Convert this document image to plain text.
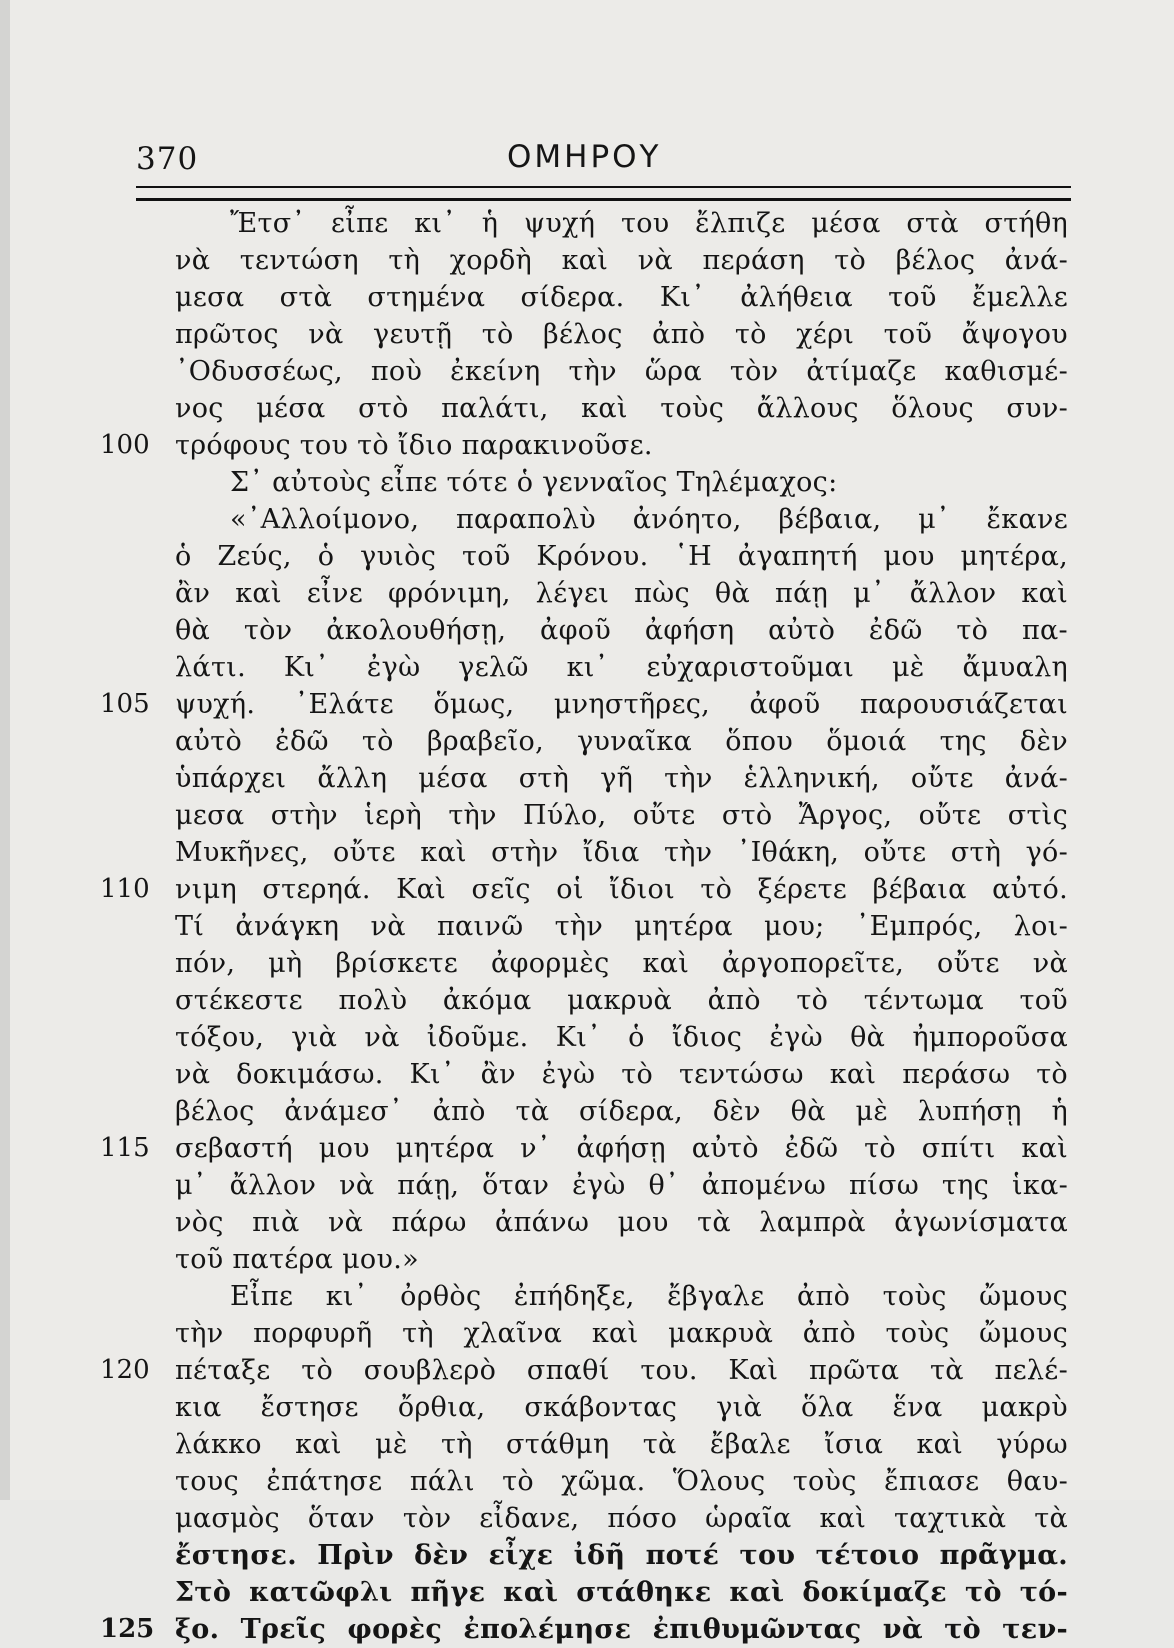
370	ΟΜΗΡΟΥ
Ἔτσ᾽ εἶπε κι᾽ ἡ ψυχή του ἔλπιζε μέσα στὰ στήθη
νὰ τεντώση τὴ χορδὴ καὶ νὰ περάση τὸ βέλος ἀνά-
μεσα στὰ στημένα σίδερα. Κι᾽ ἀλήθεια τοῦ ἔμελλε
πρῶτος νὰ γευτῇ τὸ βέλος ἀπὸ τὸ χέρι τοῦ ἄψογου
᾽Οδυσσέως, ποὺ ἐκείνη τὴν ὥρα τὸν ἀτίμαζε καθισμέ-
νος μέσα στὸ παλάτι, καὶ τοὺς ἄλλους ὅλους συν-
100 τρόφους του τὸ ἴδιο παρακινοῦσε.
Σ᾽ αὐτοὺς εἶπε τότε ὁ γενναῖος Τηλέμαχος:
«᾽Αλλοίμονο, παραπολὺ ἀνόητο, βέβαια, μ᾽ ἔκανε
ὁ Ζεύς, ὁ γυιὸς τοῦ Κρόνου. ῾Η ἀγαπητή μου μητέρα,
ἂν καὶ εἶνε φρόνιμη, λέγει πὼς θὰ πάῃ μ᾽ ἄλλον καὶ
θὰ τὸν ἀκολουθήσῃ, ἀφοῦ ἀφήση αὐτὸ ἐδῶ τὸ πα-
λάτι. Κι᾽ ἐγὼ γελῶ κι᾽ εὐχαριστοῦμαι μὲ ἄμυαλη
105 ψυχή. ᾽Ελάτε ὅμως, μνηστῆρες, ἀφοῦ παρουσιάζεται
αὐτὸ ἐδῶ τὸ βραβεῖο, γυναῖκα ὅπου ὅμοιά της δὲν
ὑπάρχει ἄλλη μέσα στὴ γῆ τὴν ἑλληνική, οὔτε ἀνά-
μεσα στὴν ἱερὴ τὴν Πύλο, οὔτε στὸ Ἄργος, οὔτε στὶς
Μυκῆνες, οὔτε καὶ στὴν ἴδια τὴν ᾽Ιθάκη, οὔτε στὴ γό-
110 νιμη στερηά. Καὶ σεῖς οἱ ἴδιοι τὸ ξέρετε βέβαια αὐτό.
Τί ἀνάγκη νὰ παινῶ τὴν μητέρα μου; ᾽Εμπρός, λοι-
πόν, μὴ βρίσκετε ἀφορμὲς καὶ ἀργοπορεῖτε, οὔτε νὰ
στέκεστε πολὺ ἀκόμα μακρυὰ ἀπὸ τὸ τέντωμα τοῦ
τόξου, γιὰ νὰ ἰδοῦμε. Κι᾽ ὁ ἴδιος ἐγὼ θὰ ἠμποροῦσα
νὰ δοκιμάσω. Κι᾽ ἂν ἐγὼ τὸ τεντώσω καὶ περάσω τὸ
βέλος ἀνάμεσ᾽ ἀπὸ τὰ σίδερα, δὲν θὰ μὲ λυπήσῃ ἡ
115 σεβαστή μου μητέρα ν᾽ ἀφήσῃ αὐτὸ ἐδῶ τὸ σπίτι καὶ
μ᾽ ἄλλον νὰ πάῃ, ὅταν ἐγὼ θ᾽ ἀπομένω πίσω της ἱκα-
νὸς πιὰ νὰ πάρω ἀπάνω μου τὰ λαμπρὰ ἀγωνίσματα
τοῦ πατέρα μου.»
Εἶπε κι᾽ ὀρθὸς ἐπήδηξε, ἔβγαλε ἀπὸ τοὺς ὤμους
τὴν πορφυρῆ τὴ χλαῖνα καὶ μακρυὰ ἀπὸ τοὺς ὤμους
120 πέταξε τὸ σουβλερὸ σπαθί του. Καὶ πρῶτα τὰ πελέ-
κια ἔστησε ὄρθια, σκάβοντας γιὰ ὅλα ἕνα μακρὺ
λάκκο καὶ μὲ τὴ στάθμη τὰ ἔβαλε ἴσια καὶ γύρω
τους ἐπάτησε πάλι τὸ χῶμα. Ὅλους τοὺς ἔπιασε θαυ-
μασμὸς ὅταν τὸν εἶδανε, πόσο ὡραῖα καὶ ταχτικὰ τὰ
ἔστησε. Πρὶν δὲν εἶχε ἰδῆ ποτέ του τέτοιο πρᾶγμα.
Στὸ κατῶφλι πῆγε καὶ στάθηκε καὶ δοκίμαζε τὸ τό-
125 ξο. Τρεῖς φορὲς ἐπολέμησε ἐπιθυμῶντας νὰ τὸ τεν-
